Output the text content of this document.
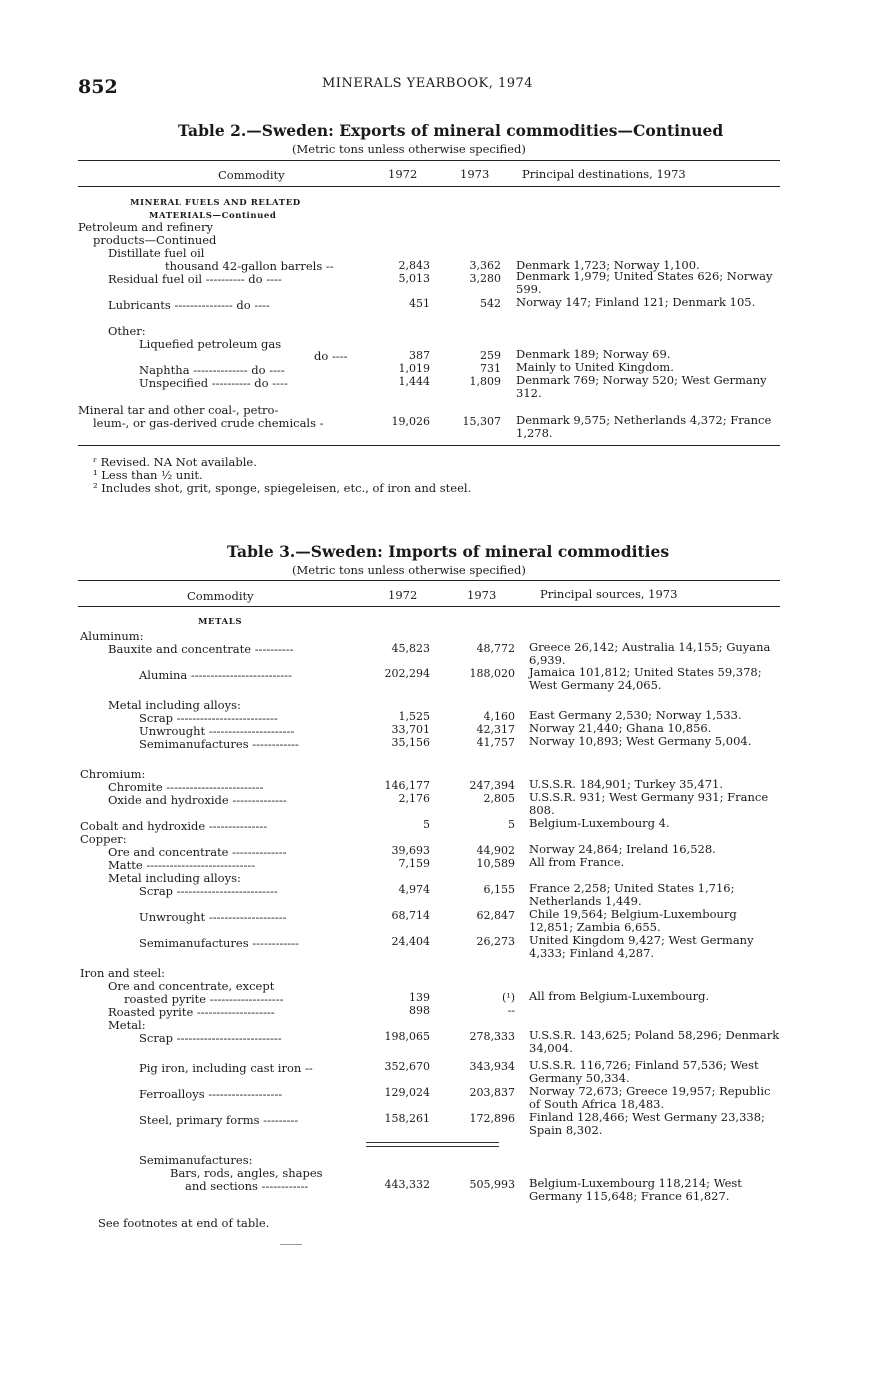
852	MINERALS YEARBOOK, 1974
Table 2.—Sweden: Exports of mineral commodities—Continued
(Metric tons unless otherwise specified)
Commodity	1972	1973	Principal destinations, 1973
MINERAL FUELS AND RELATED
MATERIALS—Continued
Petroleum and refinery
products—Continued
Distillate fuel oil
thousand 42-gallon barrels --	2,843	3,362 Denmark 1,723; Norway 1,100.
Residual fuel oil ---------- do ----	5,013	3,280 Denmark 1,979; United States 626; Norway 599.
Lubricants --------------- do ----	451	542 Norway 147; Finland 121; Denmark 105.
Other:
Liquefied petroleum gas
do ----	387	259 Denmark 189; Norway 69.
Naphtha -------------- do ----	1,019	731 Mainly to United Kingdom.
Unspecified ---------- do ----	1,444	1,809 Denmark 769; Norway 520; West Germany 312.
Mineral tar and other coal-, petro-
leum-, or gas-derived crude chemicals -	19,026	15,307 Denmark 9,575; Netherlands 4,372; France 1,278.
ʳ Revised. NA Not available.
¹ Less than ½ unit.
² Includes shot, grit, sponge, spiegeleisen, etc., of iron and steel.
Table 3.—Sweden: Imports of mineral commodities
(Metric tons unless otherwise specified)
Commodity	1972	1973	Principal sources, 1973
METALS
Aluminum:
Bauxite and concentrate ----------	45,823	48,772 Greece 26,142; Australia 14,155; Guyana 6,939.
Alumina --------------------------	202,294	188,020 Jamaica 101,812; United States 59,378; West Germany 24,065.
Metal including alloys:
Scrap --------------------------	1,525	4,160 East Germany 2,530; Norway 1,533.
Unwrought ----------------------	33,701	42,317 Norway 21,440; Ghana 10,856.
Semimanufactures ------------	35,156	41,757 Norway 10,893; West Germany 5,004.
Chromium:
Chromite -------------------------	146,177	247,394 U.S.S.R. 184,901; Turkey 35,471.
Oxide and hydroxide --------------	2,176	2,805 U.S.S.R. 931; West Germany 931; France 808.
Cobalt and hydroxide ---------------	5	5 Belgium-Luxembourg 4.
Copper:
Ore and concentrate --------------	39,693	44,902 Norway 24,864; Ireland 16,528.
Matte ----------------------------	7,159	10,589 All from France.
Metal including alloys:
Scrap --------------------------	4,974	6,155 France 2,258; United States 1,716; Netherlands 1,449.
Unwrought --------------------	68,714	62,847 Chile 19,564; Belgium-Luxembourg 12,851; Zambia 6,655.
Semimanufactures ------------	24,404	26,273 United Kingdom 9,427; West Germany 4,333; Finland 4,287.
Iron and steel:
Ore and concentrate, except
roasted pyrite -------------------	139	(¹) All from Belgium-Luxembourg.
Roasted pyrite --------------------	898	--
Metal:
Scrap ---------------------------	198,065	278,333 U.S.S.R. 143,625; Poland 58,296; Denmark 34,004.
Pig iron, including cast iron --	352,670	343,934 U.S.S.R. 116,726; Finland 57,536; West Germany 50,334.
Ferroalloys -------------------	129,024	203,837 Norway 72,673; Greece 19,957; Republic of South Africa 18,483.
Steel, primary forms ---------	158,261	172,896 Finland 128,466; West Germany 23,338; Spain 8,302.
Semimanufactures:
Bars, rods, angles, shapes
and sections ------------	443,332	505,993 Belgium-Luxembourg 118,214; West Germany 115,648; France 61,827.
See footnotes at end of table.
